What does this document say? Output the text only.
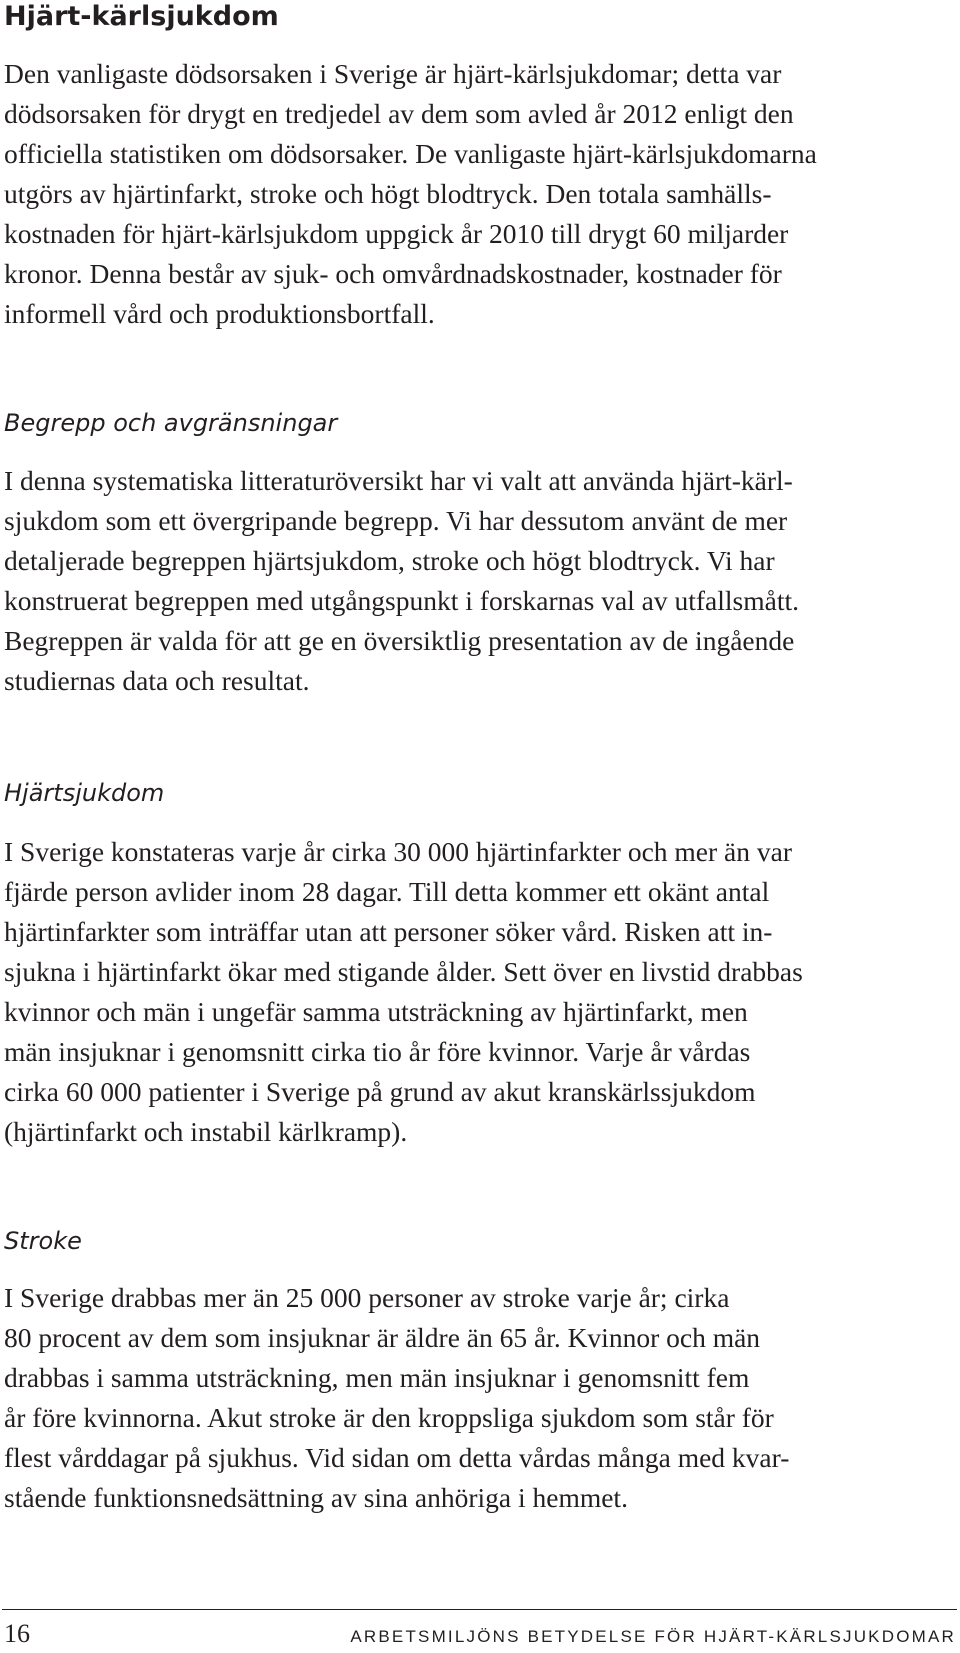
Hjärt-kärlsjukdom

Den vanligaste dödsorsaken i Sverige är hjärt-kärlsjukdomar; detta var
dödsorsaken för drygt en tredjedel av dem som avled år 2012 enligt den
officiella statistiken om dödsorsaker. De vanligaste hjärt-kärlsjukdomarna
utgörs av hjärtinfarkt, stroke och högt blodtryck. Den totala samhälls-
kostnaden för hjärt-kärlsjukdom uppgick år 2010 till drygt 60 miljarder
kronor. Denna består av sjuk- och omvårdnadskostnader, kostnader för
informell vård och produktionsbortfall.

Begrepp och avgränsningar

I denna systematiska litteraturöversikt har vi valt att använda hjärt-kärl-
sjukdom som ett övergripande begrepp. Vi har dessutom använt de mer
detaljerade begreppen hjärtsjukdom, stroke och högt blodtryck. Vi har
konstruerat begreppen med utgångspunkt i forskarnas val av utfallsmått.
Begreppen är valda för att ge en översiktlig presentation av de ingående
studiernas data och resultat.

Hjärtsjukdom

I Sverige konstateras varje år cirka 30 000 hjärtinfarkter och mer än var
fjärde person avlider inom 28 dagar. Till detta kommer ett okänt antal
hjärtinfarkter som inträffar utan att personer söker vård. Risken att in-
sjukna i hjärtinfarkt ökar med stigande ålder. Sett över en livstid drabbas
kvinnor och män i ungefär samma utsträckning av hjärtinfarkt, men
män insjuknar i genomsnitt cirka tio år före kvinnor. Varje år vårdas
cirka 60 000 patienter i Sverige på grund av akut kranskärlssjukdom
(hjärtinfarkt och instabil kärlkramp).

Stroke

I Sverige drabbas mer än 25 000 personer av stroke varje år; cirka
80 procent av dem som insjuknar är äldre än 65 år. Kvinnor och män
drabbas i samma utsträckning, men män insjuknar i genomsnitt fem
år före kvinnorna. Akut stroke är den kroppsliga sjukdom som står för
flest vårddagar på sjukhus. Vid sidan om detta vårdas många med kvar-
stående funktionsnedsättning av sina anhöriga i hemmet.

16	ARBETSMILJÖNS BETYDELSE FÖR HJÄRT-KÄRLSJUKDOMAR
